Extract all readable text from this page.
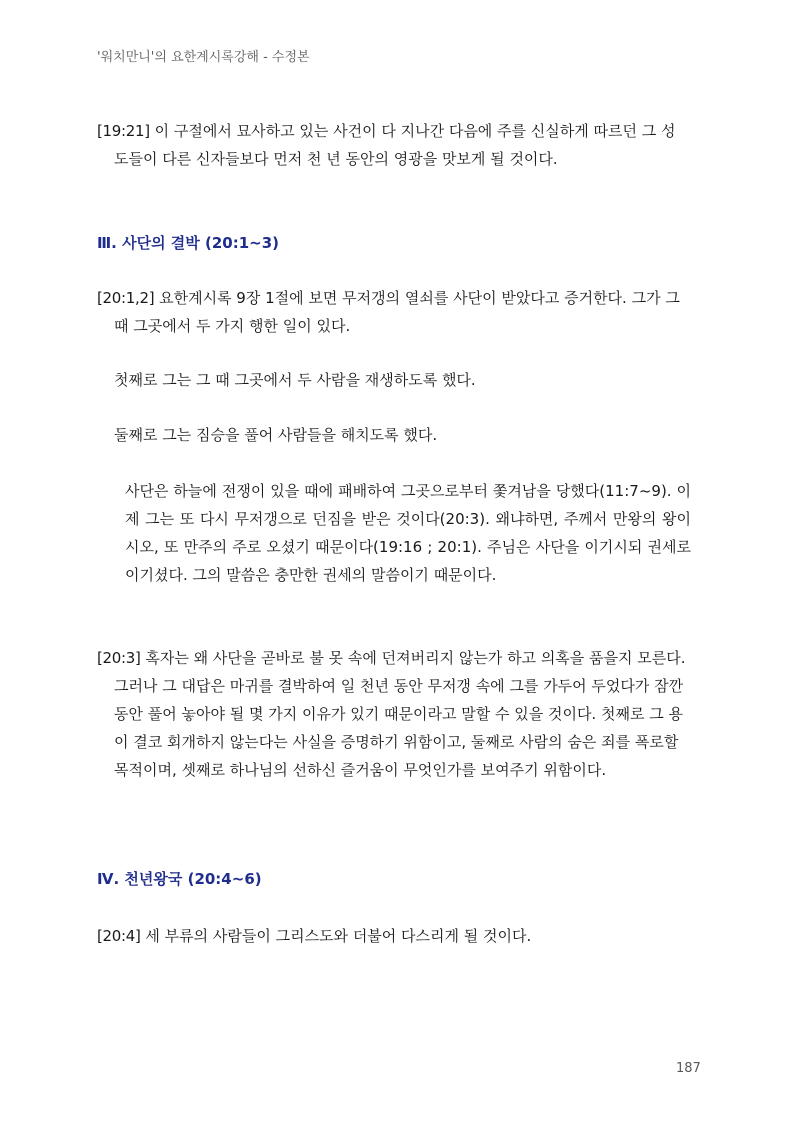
'워치만니'의 요한계시록강해 - 수정본
[19:21] 이 구절에서 묘사하고 있는 사건이 다 지나간 다음에 주를 신실하게 따르던 그 성도들이 다른 신자들보다 먼저 천 년 동안의 영광을 맛보게 될 것이다.
Ⅲ. 사단의 결박 (20:1~3)
[20:1,2] 요한계시록 9장 1절에 보면 무저갱의 열쇠를 사단이 받았다고 증거한다. 그가 그 때 그곳에서 두 가지 행한 일이 있다.
첫째로 그는 그 때 그곳에서 두 사람을 재생하도록 했다.
둘째로 그는 짐승을 풀어 사람들을 해치도록 했다.
사단은 하늘에 전쟁이 있을 때에 패배하여 그곳으로부터 쫓겨남을 당했다(11:7~9). 이제 그는 또 다시 무저갱으로 던짐을 받은 것이다(20:3). 왜냐하면, 주께서 만왕의 왕이시오, 또 만주의 주로 오셨기 때문이다(19:16 ; 20:1). 주님은 사단을 이기시되 권세로 이기셨다. 그의 말씀은 충만한 권세의 말씀이기 때문이다.
[20:3] 혹자는 왜 사단을 곧바로 불 못 속에 던져버리지 않는가 하고 의혹을 품을지 모른다. 그러나 그 대답은 마귀를 결박하여 일 천년 동안 무저갱 속에 그를 가두어 두었다가 잠깐 동안 풀어 놓아야 될 몇 가지 이유가 있기 때문이라고 말할 수 있을 것이다. 첫째로 그 용이 결코 회개하지 않는다는 사실을 증명하기 위함이고, 둘째로 사람의 숨은 죄를 폭로할 목적이며, 셋째로 하나님의 선하신 즐거움이 무엇인가를 보여주기 위함이다.
Ⅳ. 천년왕국 (20:4~6)
[20:4] 세 부류의 사람들이 그리스도와 더불어 다스리게 될 것이다.
187
